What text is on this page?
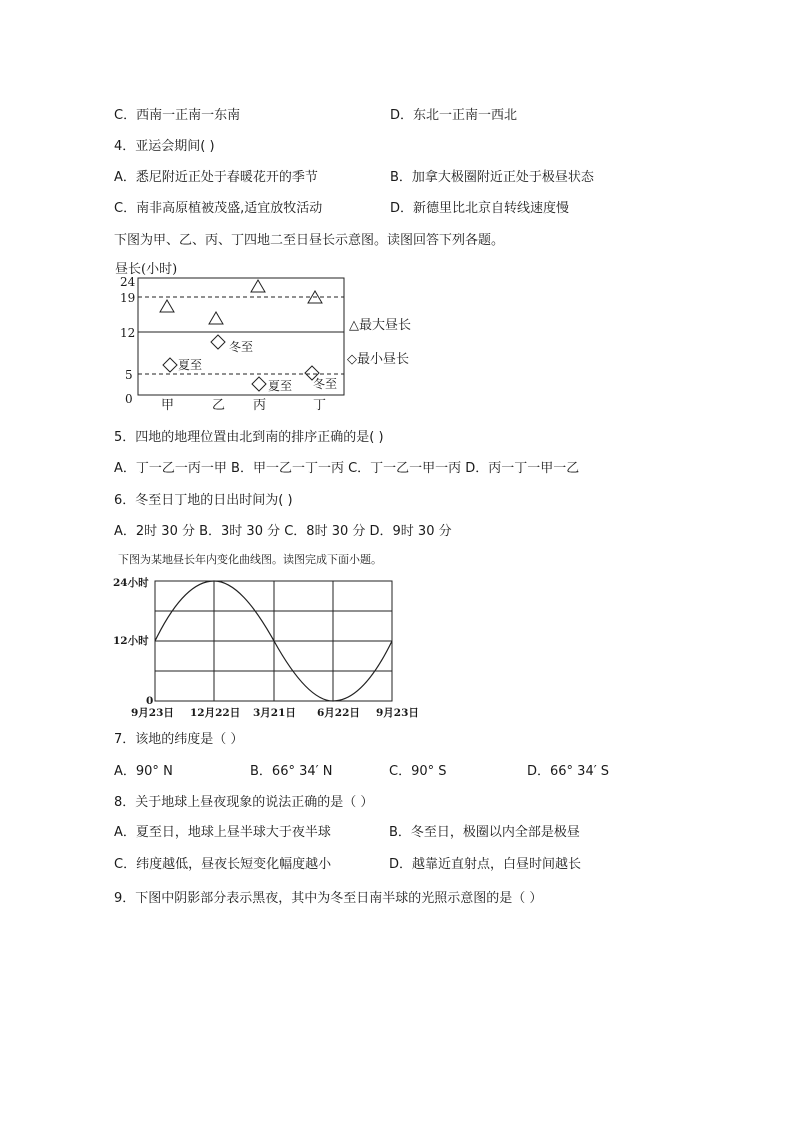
C．西南一正南一东南	D．东北一正南一西北
4．亚运会期间( )
A．悉尼附近正处于春暖花开的季节	B．加拿大极圈附近正处于极昼状态
C．南非高原植被茂盛,适宜放牧活动	D．新德里比北京自转线速度慢
下图为甲、乙、丙、丁四地二至日昼长示意图。读图回答下列各题。
昼长(小时)
24
19
12
5
0
夏至
冬至
夏至 冬至
甲	乙 丙	丁
△最大昼长
◇最小昼长
5．四地的地理位置由北到南的排序正确的是( )
A．丁一乙一丙一甲 B．甲一乙一丁一丙 C．丁一乙一甲一丙 D．丙一丁一甲一乙
6．冬至日丁地的日出时间为( )
A．2时 30 分 B．3时 30 分 C．8时 30 分 D．9时 30 分
下图为某地昼长年内变化曲线图。读图完成下面小题。
24小时
12小时
0
9月23日 12月22日 3月21日 6月22日 9月23日
7．该地的纬度是（ ）
A．90° N	B．66° 34′ N	C．90° S	D．66° 34′ S
8．关于地球上昼夜现象的说法正确的是（ ）
A．夏至日，地球上昼半球大于夜半球	B．冬至日，极圈以内全部是极昼
C．纬度越低，昼夜长短变化幅度越小	D．越靠近直射点，白昼时间越长
9．下图中阴影部分表示黑夜，其中为冬至日南半球的光照示意图的是（ ）
